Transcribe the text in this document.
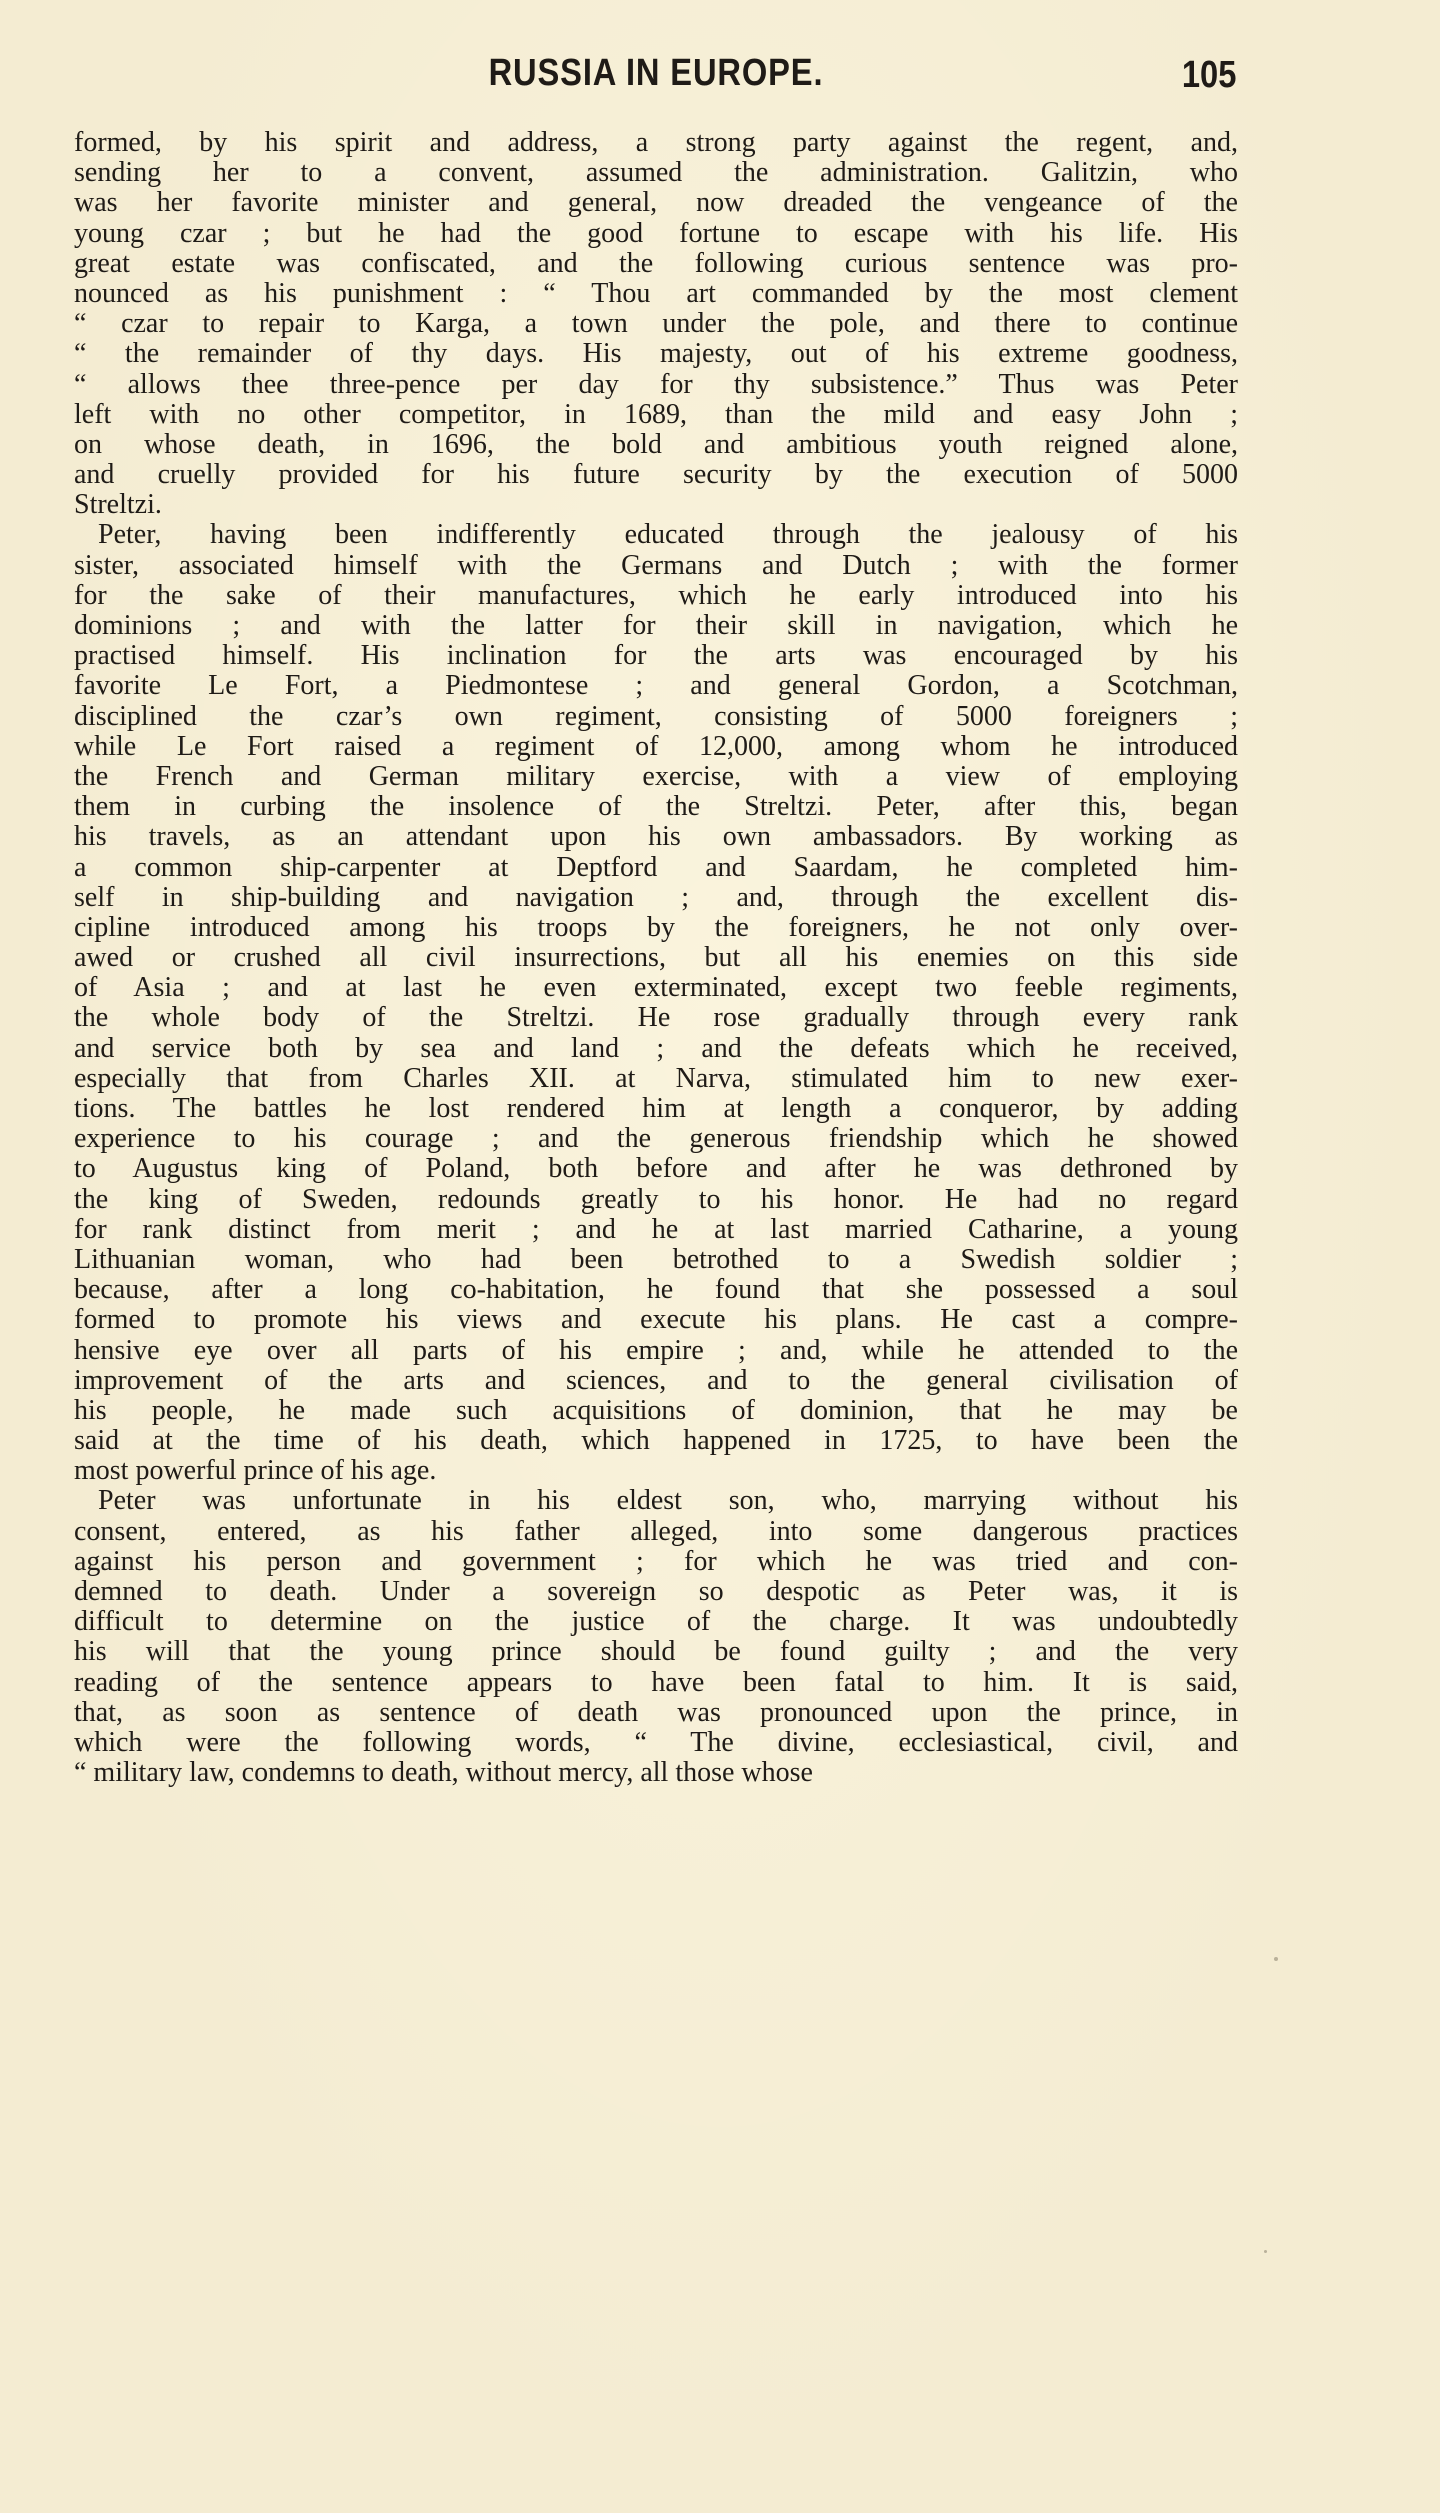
RUSSIA IN EUROPE.	105
formed, by his spirit and address, a strong party against the regent, and,
sending her to a convent, assumed the administration. Galitzin, who
was her favorite minister and general, now dreaded the vengeance of the
young czar ; but he had the good fortune to escape with his life. His
great estate was confiscated, and the following curious sentence was pro-
nounced as his punishment : “ Thou art commanded by the most clement
“ czar to repair to Karga, a town under the pole, and there to continue
“ the remainder of thy days. His majesty, out of his extreme goodness,
“ allows thee three-pence per day for thy subsistence.” Thus was Peter
left with no other competitor, in 1689, than the mild and easy John ;
on whose death, in 1696, the bold and ambitious youth reigned alone,
and cruelly provided for his future security by the execution of 5000
Streltzi.
Peter, having been indifferently educated through the jealousy of his
sister, associated himself with the Germans and Dutch ; with the former
for the sake of their manufactures, which he early introduced into his
dominions ; and with the latter for their skill in navigation, which he
practised himself. His inclination for the arts was encouraged by his
favorite Le Fort, a Piedmontese ; and general Gordon, a Scotchman,
disciplined the czar’s own regiment, consisting of 5000 foreigners ;
while Le Fort raised a regiment of 12,000, among whom he introduced
the French and German military exercise, with a view of employing
them in curbing the insolence of the Streltzi. Peter, after this, began
his travels, as an attendant upon his own ambassadors. By working as
a common ship-carpenter at Deptford and Saardam, he completed him-
self in ship-building and navigation ; and, through the excellent dis-
cipline introduced among his troops by the foreigners, he not only over-
awed or crushed all civil insurrections, but all his enemies on this side
of Asia ; and at last he even exterminated, except two feeble regiments,
the whole body of the Streltzi. He rose gradually through every rank
and service both by sea and land ; and the defeats which he received,
especially that from Charles XII. at Narva, stimulated him to new exer-
tions. The battles he lost rendered him at length a conqueror, by adding
experience to his courage ; and the generous friendship which he showed
to Augustus king of Poland, both before and after he was dethroned by
the king of Sweden, redounds greatly to his honor. He had no regard
for rank distinct from merit ; and he at last married Catharine, a young
Lithuanian woman, who had been betrothed to a Swedish soldier ;
because, after a long co-habitation, he found that she possessed a soul
formed to promote his views and execute his plans. He cast a compre-
hensive eye over all parts of his empire ; and, while he attended to the
improvement of the arts and sciences, and to the general civilisation of
his people, he made such acquisitions of dominion, that he may be
said at the time of his death, which happened in 1725, to have been the
most powerful prince of his age.
Peter was unfortunate in his eldest son, who, marrying without his
consent, entered, as his father alleged, into some dangerous practices
against his person and government ; for which he was tried and con-
demned to death. Under a sovereign so despotic as Peter was, it is
difficult to determine on the justice of the charge. It was undoubtedly
his will that the young prince should be found guilty ; and the very
reading of the sentence appears to have been fatal to him. It is said,
that, as soon as sentence of death was pronounced upon the prince, in
which were the following words, “ The divine, ecclesiastical, civil, and
“ military law, condemns to death, without mercy, all those whose
